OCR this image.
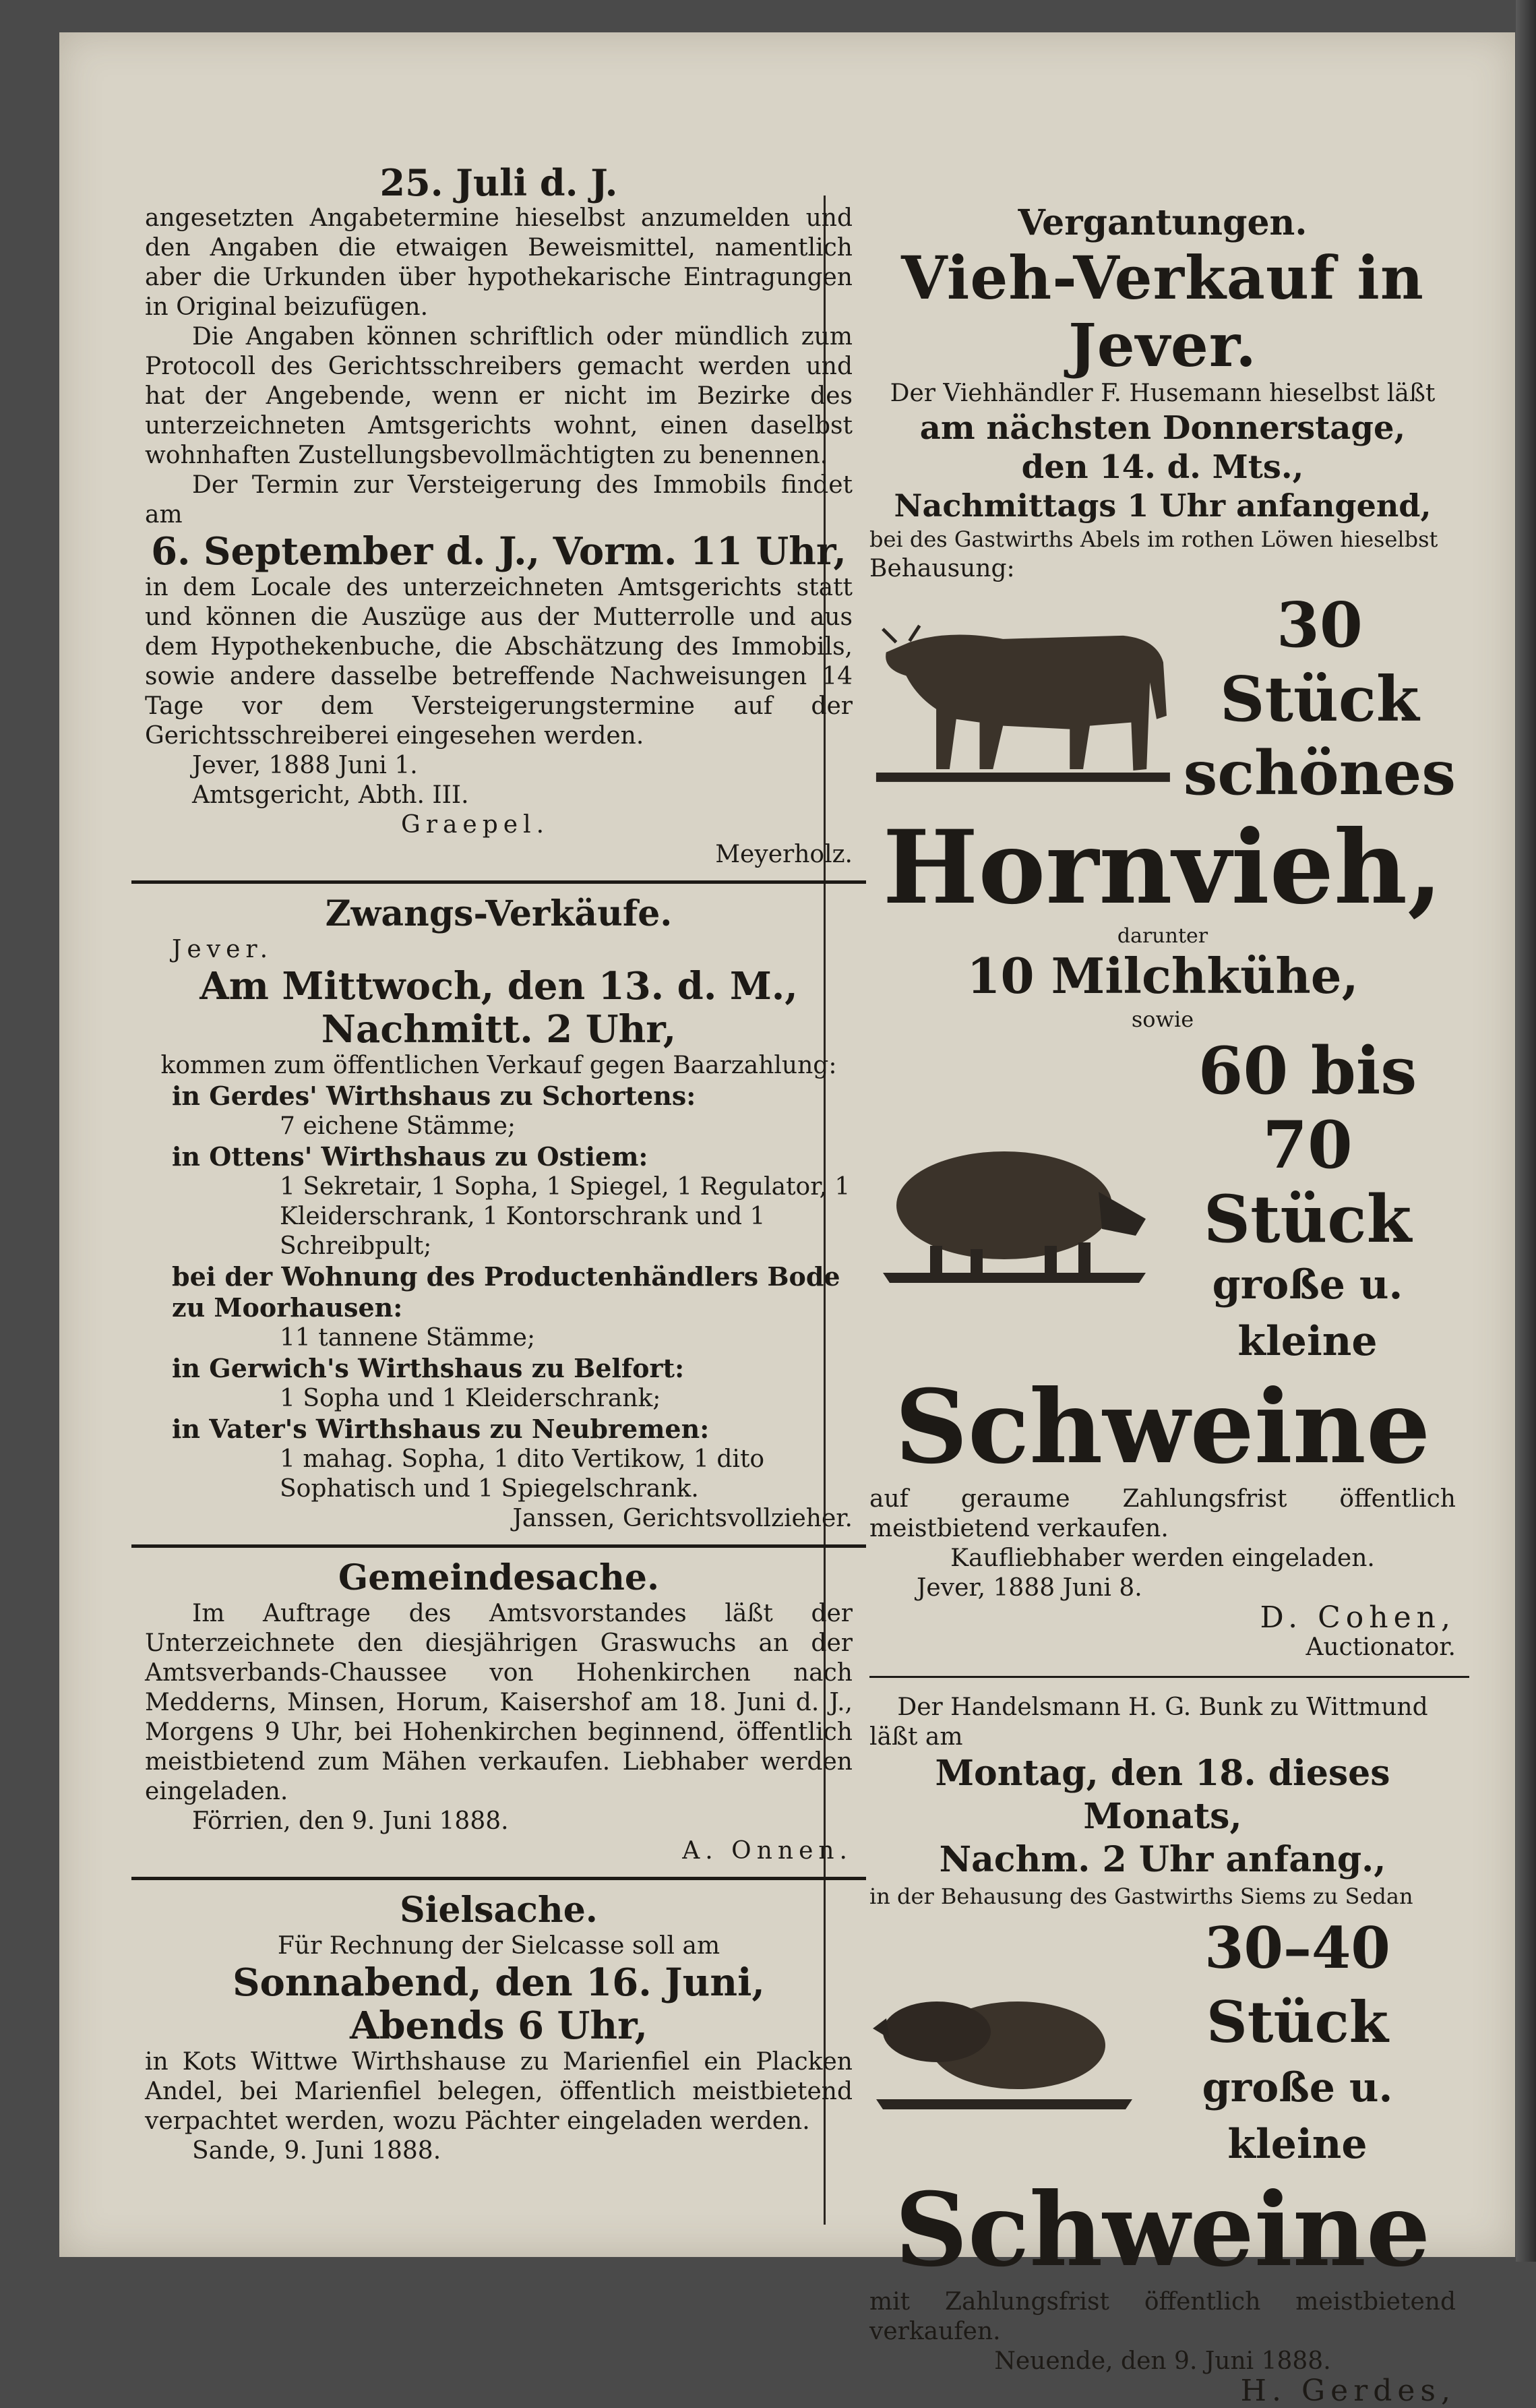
25. Juli d. J.

angesetzten Angabetermine hieselbst anzumelden und den Angaben die etwaigen Beweismittel, namentlich aber die Urkunden über hypothekarische Eintragungen in Original beizufügen.

Die Angaben können schriftlich oder mündlich zum Protocoll des Gerichtsschreibers gemacht werden und hat der Angebende, wenn er nicht im Bezirke des unterzeichneten Amtsgerichts wohnt, einen daselbst wohnhaften Zustellungsbevollmächtigten zu benennen.

Der Termin zur Versteigerung des Immobils findet am

6. September d. J., Vorm. 11 Uhr,

in dem Locale des unterzeichneten Amtsgerichts statt und können die Auszüge aus der Mutterrolle und aus dem Hypothekenbuche, die Abschätzung des Immobils, sowie andere dasselbe betreffende Nachweisungen 14 Tage vor dem Versteigerungstermine auf der Gerichtsschreiberei eingesehen werden.

Jever, 1888 Juni 1.

Amtsgericht, Abth. III.

Graepel.

Meyerholz.

Zwangs-Verkäufe.

Jever.

Am Mittwoch, den 13. d. M.,
Nachmitt. 2 Uhr,

kommen zum öffentlichen Verkauf gegen Baarzahlung:

in Gerdes' Wirthshaus zu Schortens:
7 eichene Stämme;
in Ottens' Wirthshaus zu Ostiem:
1 Sekretair, 1 Sopha, 1 Spiegel, 1 Regulator, 1 Kleiderschrank, 1 Kontorschrank und 1 Schreibpult;
bei der Wohnung des Productenhändlers Bode zu Moorhausen:
11 tannene Stämme;
in Gerwich's Wirthshaus zu Belfort:
1 Sopha und 1 Kleiderschrank;
in Vater's Wirthshaus zu Neubremen:
1 mahag. Sopha, 1 dito Vertikow, 1 dito Sophatisch und 1 Spiegelschrank.

Janssen, Gerichtsvollzieher.

Gemeindesache.

Im Auftrage des Amtsvorstandes läßt der Unterzeichnete den diesjährigen Graswuchs an der Amtsverbands-Chaussee von Hohenkirchen nach Medderns, Minsen, Horum, Kaisershof am 18. Juni d. J., Morgens 9 Uhr, bei Hohenkirchen beginnend, öffentlich meistbietend zum Mähen verkaufen. Liebhaber werden eingeladen.

Förrien, den 9. Juni 1888.

A. Onnen.

Sielsache.

Für Rechnung der Sielcasse soll am

Sonnabend, den 16. Juni,
Abends 6 Uhr,

in Kots Wittwe Wirthshause zu Marienfiel ein Placken Andel, bei Marienfiel belegen, öffentlich meistbietend verpachtet werden, wozu Pächter eingeladen werden.

Sande, 9. Juni 1888.

Vergantungen.
Vieh-Verkauf in Jever.

Der Viehhändler F. Husemann hieselbst läßt

am nächsten Donnerstage,
den 14. d. Mts.,
Nachmittags 1 Uhr anfangend,

bei des Gastwirths Abels im rothen Löwen hieselbst

Behausung:

30 Stück
schönes
Hornvieh,

darunter

10 Milchkühe,

sowie

60 bis 70
Stück
große u. kleine
Schweine

auf geraume Zahlungsfrist öffentlich meistbietend verkaufen.

Kaufliebhaber werden eingeladen.

Jever, 1888 Juni 8.

D. Cohen,

Auctionator.

Der Handelsmann H. G. Bunk zu Wittmund

läßt am

Montag, den 18. dieses Monats,
Nachm. 2 Uhr anfang.,

in der Behausung des Gastwirths Siems zu Sedan

30–40 Stück
große u. kleine
Schweine

mit Zahlungsfrist öffentlich meistbietend verkaufen.

Neuende, den 9. Juni 1888.

H. Gerdes,
